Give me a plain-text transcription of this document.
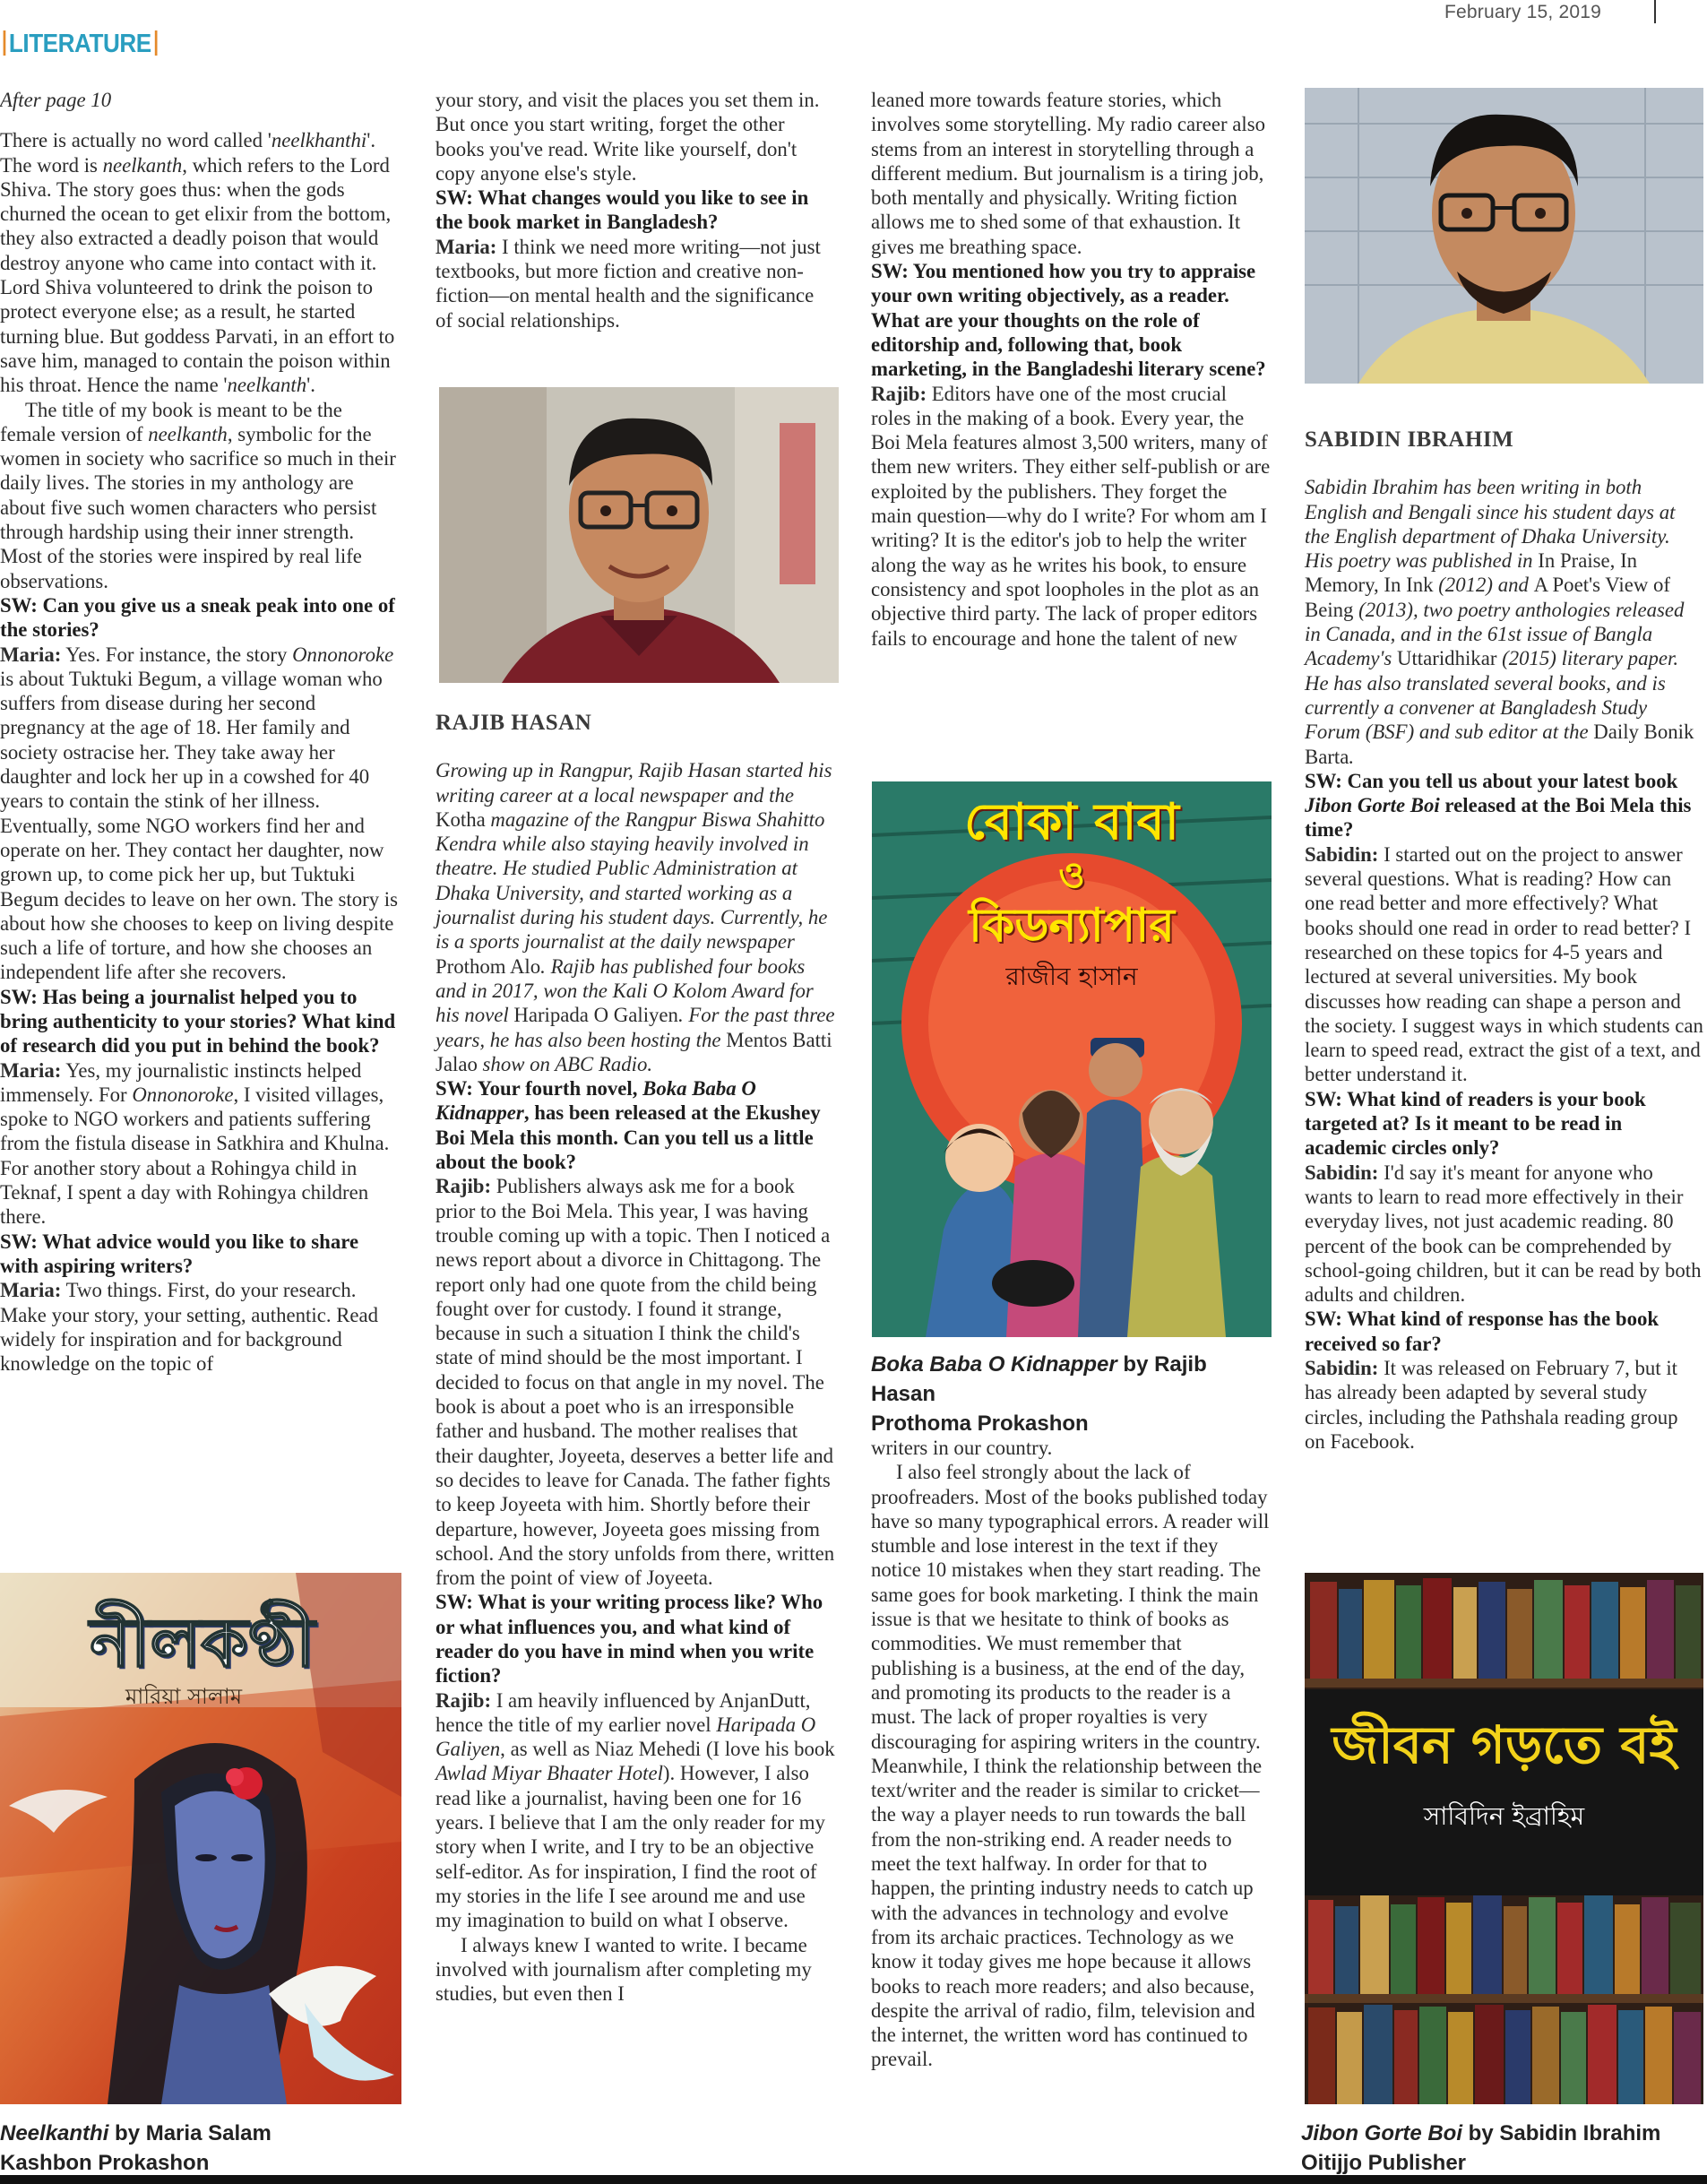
February 15, 2019
LITERATURE

After page 10

There is actually no word called 'neelkhanthi'. The word is neelkanth, which refers to the Lord Shiva. The story goes thus: when the gods churned the ocean to get elixir from the bottom, they also extracted a deadly poison that would destroy anyone who came into contact with it. Lord Shiva volunteered to drink the poison to protect everyone else; as a result, he started turning blue. But goddess Parvati, in an effort to save him, managed to contain the poison within his throat. Hence the name 'neelkanth'.

The title of my book is meant to be the female version of neelkanth, symbolic for the women in society who sacrifice so much in their daily lives. The stories in my anthology are about five such women characters who persist through hardship using their inner strength. Most of the stories were inspired by real life observations.

SW: Can you give us a sneak peak into one of the stories?

Maria: Yes. For instance, the story Onnonoroke is about Tuktuki Begum, a village woman who suffers from disease during her second pregnancy at the age of 18. Her family and society ostracise her. They take away her daughter and lock her up in a cowshed for 40 years to contain the stink of her illness. Eventually, some NGO workers find her and operate on her. They contact her daughter, now grown up, to come pick her up, but Tuktuki Begum decides to leave on her own. The story is about how she chooses to keep on living despite such a life of torture, and how she chooses an independent life after she recovers.

SW: Has being a journalist helped you to bring authenticity to your stories? What kind of research did you put in behind the book?

Maria: Yes, my journalistic instincts helped immensely. For Onnonoroke, I visited villages, spoke to NGO workers and patients suffering from the fistula disease in Satkhira and Khulna. For another story about a Rohingya child in Teknaf, I spent a day with Rohingya children there.

SW: What advice would you like to share with aspiring writers?

Maria: Two things. First, do your research. Make your story, your setting, authentic. Read widely for inspiration and for background knowledge on the topic of

নীলকণ্ঠী
মারিয়া সালাম
Neelkanthi by Maria Salam
Kashbon Prokashon

your story, and visit the places you set them in. But once you start writing, forget the other books you've read. Write like yourself, don't copy anyone else's style.

SW: What changes would you like to see in the book market in Bangladesh?

Maria: I think we need more writing—not just textbooks, but more fiction and creative non-fiction—on mental health and the significance of social relationships.

RAJIB HASAN

Growing up in Rangpur, Rajib Hasan started his writing career at a local newspaper and the Kotha magazine of the Rangpur Biswa Shahitto Kendra while also staying heavily involved in theatre. He studied Public Administration at Dhaka University, and started working as a journalist during his student days. Currently, he is a sports journalist at the daily newspaper Prothom Alo. Rajib has published four books and in 2017, won the Kali O Kolom Award for his novel Haripada O Galiyen. For the past three years, he has also been hosting the Mentos Batti Jalao show on ABC Radio.

SW: Your fourth novel, Boka Baba O Kidnapper, has been released at the Ekushey Boi Mela this month. Can you tell us a little about the book?

Rajib: Publishers always ask me for a book prior to the Boi Mela. This year, I was having trouble coming up with a topic. Then I noticed a news report about a divorce in Chittagong. The report only had one quote from the child being fought over for custody. I found it strange, because in such a situation I think the child's state of mind should be the most important. I decided to focus on that angle in my novel. The book is about a poet who is an irresponsible father and husband. The mother realises that their daughter, Joyeeta, deserves a better life and so decides to leave for Canada. The father fights to keep Joyeeta with him. Shortly before their departure, however, Joyeeta goes missing from school. And the story unfolds from there, written from the point of view of Joyeeta.

SW: What is your writing process like? Who or what influences you, and what kind of reader do you have in mind when you write fiction?

Rajib: I am heavily influenced by AnjanDutt, hence the title of my earlier novel Haripada O Galiyen, as well as Niaz Mehedi (I love his book Awlad Miyar Bhaater Hotel). However, I also read like a journalist, having been one for 16 years. I believe that I am the only reader for my story when I write, and I try to be an objective self-editor. As for inspiration, I find the root of my stories in the life I see around me and use my imagination to build on what I observe.

I always knew I wanted to write. I became involved with journalism after completing my studies, but even then I

leaned more towards feature stories, which involves some storytelling. My radio career also stems from an interest in storytelling through a different medium. But journalism is a tiring job, both mentally and physically. Writing fiction allows me to shed some of that exhaustion. It gives me breathing space.

SW: You mentioned how you try to appraise your own writing objectively, as a reader. What are your thoughts on the role of editorship and, following that, book marketing, in the Bangladeshi literary scene?

Rajib: Editors have one of the most crucial roles in the making of a book. Every year, the Boi Mela features almost 3,500 writers, many of them new writers. They either self-publish or are exploited by the publishers. They forget the main question—why do I write? For whom am I writing? It is the editor's job to help the writer along the way as he writes his book, to ensure consistency and spot loopholes in the plot as an objective third party. The lack of proper editors fails to encourage and hone the talent of new

বোকা বাবা
ও
কিডন্যাপার
রাজীব হাসান
Boka Baba O Kidnapper by Rajib Hasan
Prothoma Prokashon

writers in our country.

I also feel strongly about the lack of proofreaders. Most of the books published today have so many typographical errors. A reader will stumble and lose interest in the text if they notice 10 mistakes when they start reading. The same goes for book marketing. I think the main issue is that we hesitate to think of books as commodities. We must remember that publishing is a business, at the end of the day, and promoting its products to the reader is a must. The lack of proper royalties is very discouraging for aspiring writers in the country. Meanwhile, I think the relationship between the text/writer and the reader is similar to cricket—the way a player needs to run towards the ball from the non-striking end. A reader needs to meet the text halfway. In order for that to happen, the printing industry needs to catch up with the advances in technology and evolve from its archaic practices. Technology as we know it today gives me hope because it allows books to reach more readers; and also because, despite the arrival of radio, film, television and the internet, the written word has continued to prevail.

SABIDIN IBRAHIM

Sabidin Ibrahim has been writing in both English and Bengali since his student days at the English department of Dhaka University. His poetry was published in In Praise, In Memory, In Ink (2012) and A Poet's View of Being (2013), two poetry anthologies released in Canada, and in the 61st issue of Bangla Academy's Uttaridhikar (2015) literary paper. He has also translated several books, and is currently a convener at Bangladesh Study Forum (BSF) and sub editor at the Daily Bonik Barta.

SW: Can you tell us about your latest book Jibon Gorte Boi released at the Boi Mela this time?

Sabidin: I started out on the project to answer several questions. What is reading? How can one read better and more effectively? What books should one read in order to read better? I researched on these topics for 4-5 years and lectured at several universities. My book discusses how reading can shape a person and the society. I suggest ways in which students can learn to speed read, extract the gist of a text, and better understand it.

SW: What kind of readers is your book targeted at? Is it meant to be read in academic circles only?

Sabidin: I'd say it's meant for anyone who wants to learn to read more effectively in their everyday lives, not just academic reading. 80 percent of the book can be comprehended by school-going children, but it can be read by both adults and children.

SW: What kind of response has the book received so far?

Sabidin: It was released on February 7, but it has already been adapted by several study circles, including the Pathshala reading group on Facebook.

জীবন গড়তে বই
সাবিদিন ইব্রাহিম
Jibon Gorte Boi by Sabidin Ibrahim
Oitijjo Publisher
